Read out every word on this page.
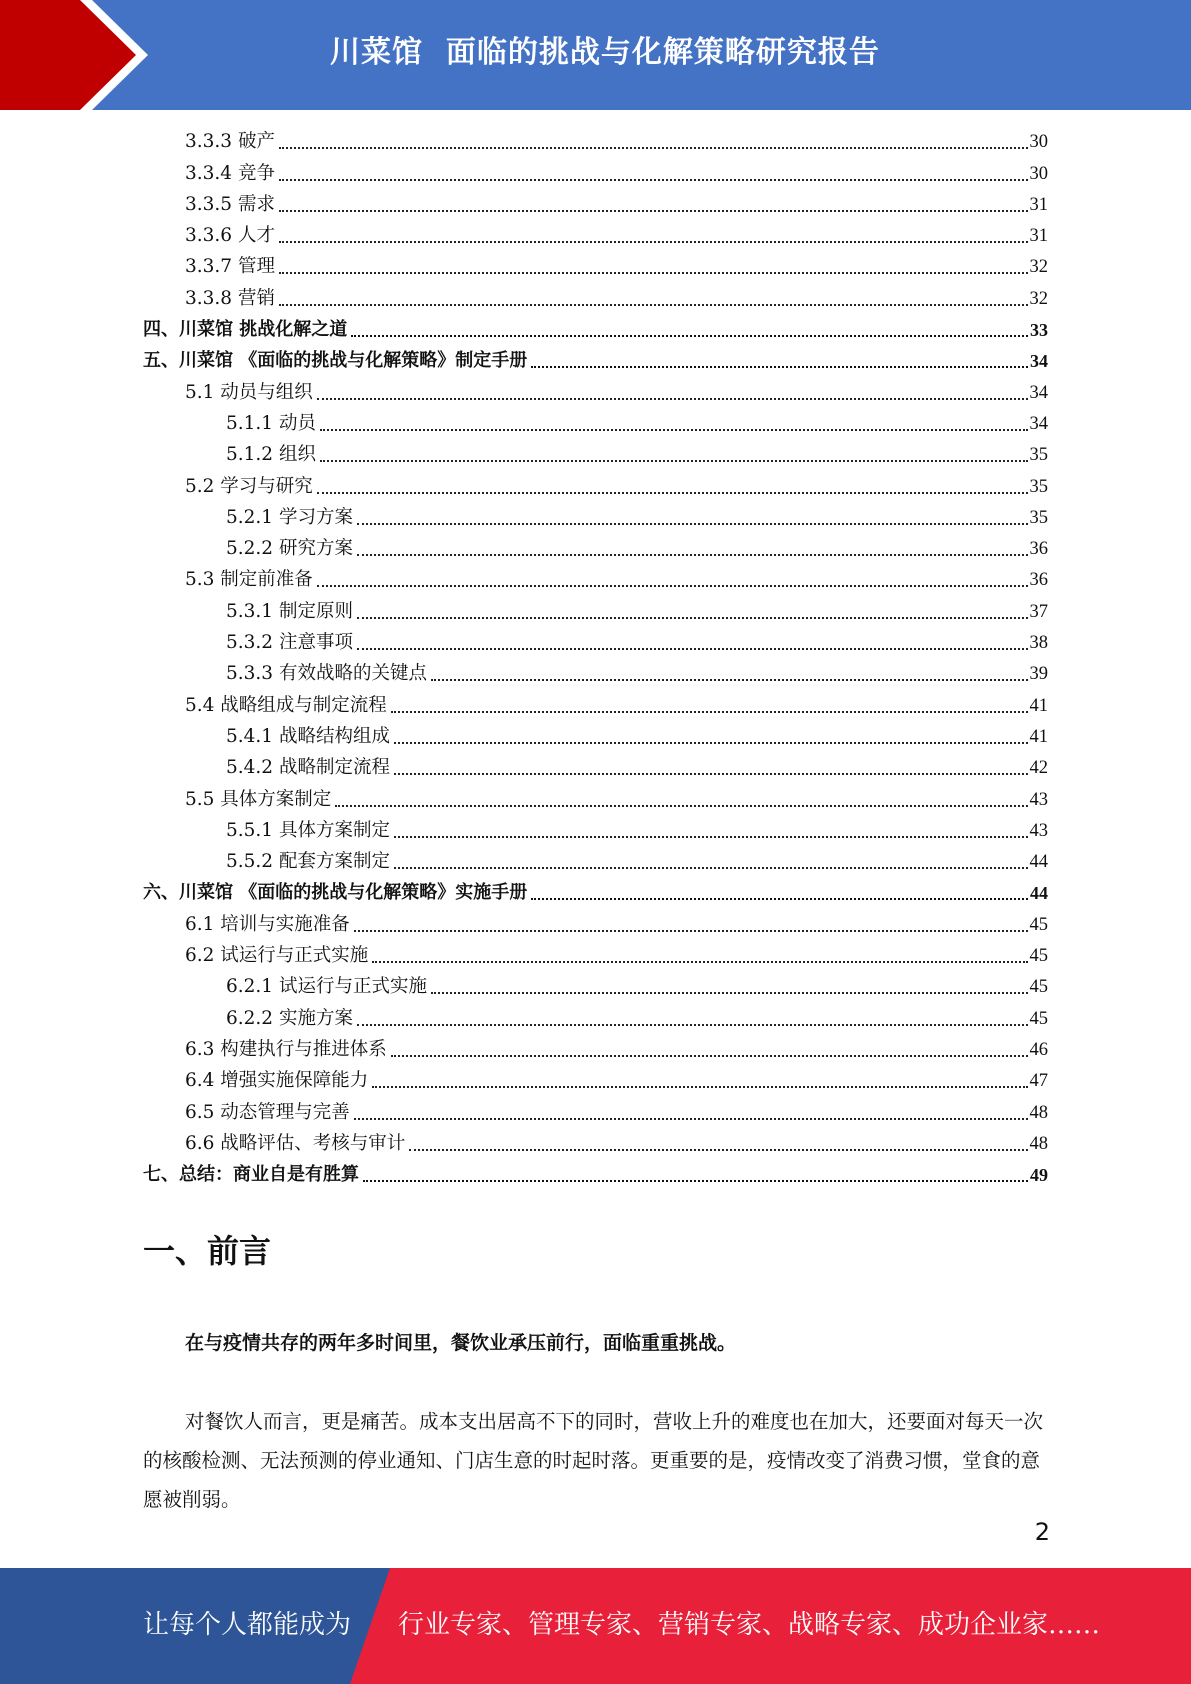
川菜馆  面临的挑战与化解策略研究报告
3.3.3 破产	30
3.3.4 竞争	30
3.3.5 需求	31
3.3.6 人才	31
3.3.7 管理	32
3.3.8 营销	32
四、川菜馆 挑战化解之道	33
五、川菜馆 《面临的挑战与化解策略》制定手册	34
5.1 动员与组织	34
5.1.1 动员	34
5.1.2 组织	35
5.2 学习与研究	35
5.2.1 学习方案	35
5.2.2 研究方案	36
5.3 制定前准备	36
5.3.1 制定原则	37
5.3.2 注意事项	38
5.3.3 有效战略的关键点	39
5.4 战略组成与制定流程	41
5.4.1 战略结构组成	41
5.4.2 战略制定流程	42
5.5 具体方案制定	43
5.5.1 具体方案制定	43
5.5.2 配套方案制定	44
六、川菜馆 《面临的挑战与化解策略》实施手册	44
6.1 培训与实施准备	45
6.2 试运行与正式实施	45
6.2.1 试运行与正式实施	45
6.2.2 实施方案	45
6.3 构建执行与推进体系	46
6.4 增强实施保障能力	47
6.5 动态管理与完善	48
6.6 战略评估、考核与审计	48
七、总结：商业自是有胜算	49
一、前言
在与疫情共存的两年多时间里，餐饮业承压前行，面临重重挑战。
对餐饮人而言，更是痛苦。成本支出居高不下的同时，营收上升的难度也在加大，还要面对每天一次的核酸检测、无法预测的停业通知、门店生意的时起时落。更重要的是，疫情改变了消费习惯，堂食的意愿被削弱。
2
让每个人都能成为 行业专家、管理专家、营销专家、战略专家、成功企业家……
